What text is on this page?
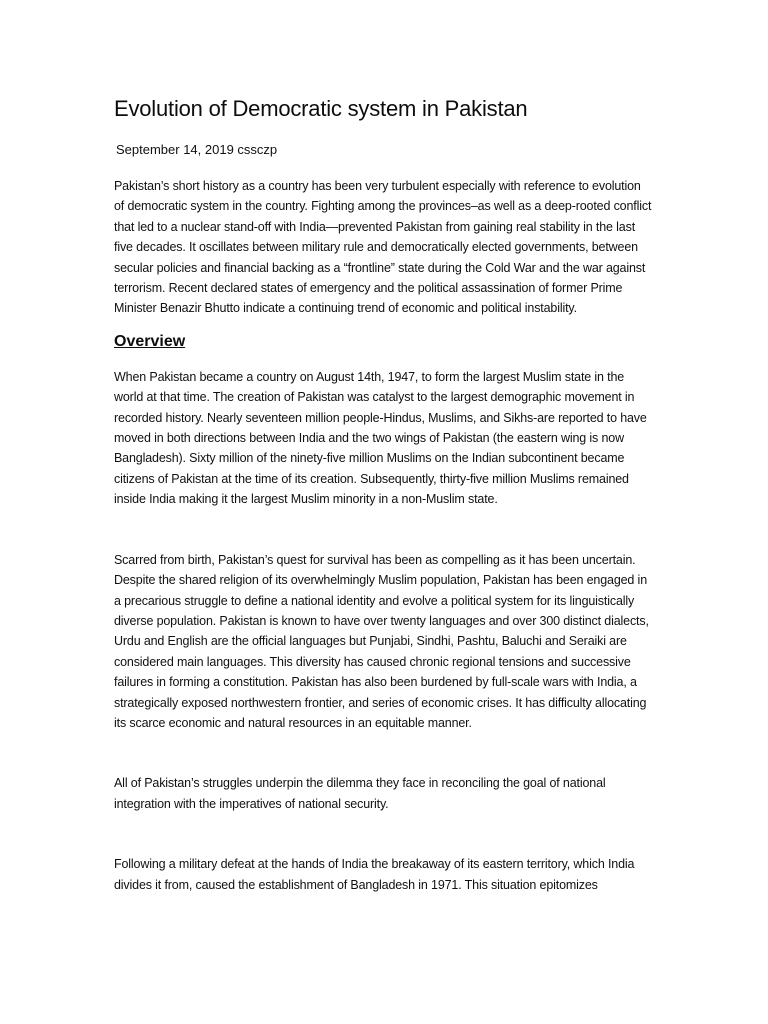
Evolution of Democratic system in Pakistan
September 14, 2019 cssczp

Pakistan’s short history as a country has been very turbulent especially with reference to evolution of democratic system in the country. Fighting among the provinces–as well as a deep-rooted conflict that led to a nuclear stand-off with India—prevented Pakistan from gaining real stability in the last five decades. It oscillates between military rule and democratically elected governments, between secular policies and financial backing as a “frontline” state during the Cold War and the war against terrorism. Recent declared states of emergency and the political assassination of former Prime Minister Benazir Bhutto indicate a continuing trend of economic and political instability.

Overview

When Pakistan became a country on August 14th, 1947, to form the largest Muslim state in the world at that time. The creation of Pakistan was catalyst to the largest demographic movement in recorded history. Nearly seventeen million people-Hindus, Muslims, and Sikhs-are reported to have moved in both directions between India and the two wings of Pakistan (the eastern wing is now Bangladesh). Sixty million of the ninety-five million Muslims on the Indian subcontinent became citizens of Pakistan at the time of its creation. Subsequently, thirty-five million Muslims remained inside India making it the largest Muslim minority in a non-Muslim state.

Scarred from birth, Pakistan’s quest for survival has been as compelling as it has been uncertain. Despite the shared religion of its overwhelmingly Muslim population, Pakistan has been engaged in a precarious struggle to define a national identity and evolve a political system for its linguistically diverse population. Pakistan is known to have over twenty languages and over 300 distinct dialects, Urdu and English are the official languages but Punjabi, Sindhi, Pashtu, Baluchi and Seraiki are considered main languages. This diversity has caused chronic regional tensions and successive failures in forming a constitution. Pakistan has also been burdened by full-scale wars with India, a strategically exposed northwestern frontier, and series of economic crises. It has difficulty allocating its scarce economic and natural resources in an equitable manner.

All of Pakistan’s struggles underpin the dilemma they face in reconciling the goal of national integration with the imperatives of national security.

Following a military defeat at the hands of India the breakaway of its eastern territory, which India divides it from, caused the establishment of Bangladesh in 1971. This situation epitomizes
